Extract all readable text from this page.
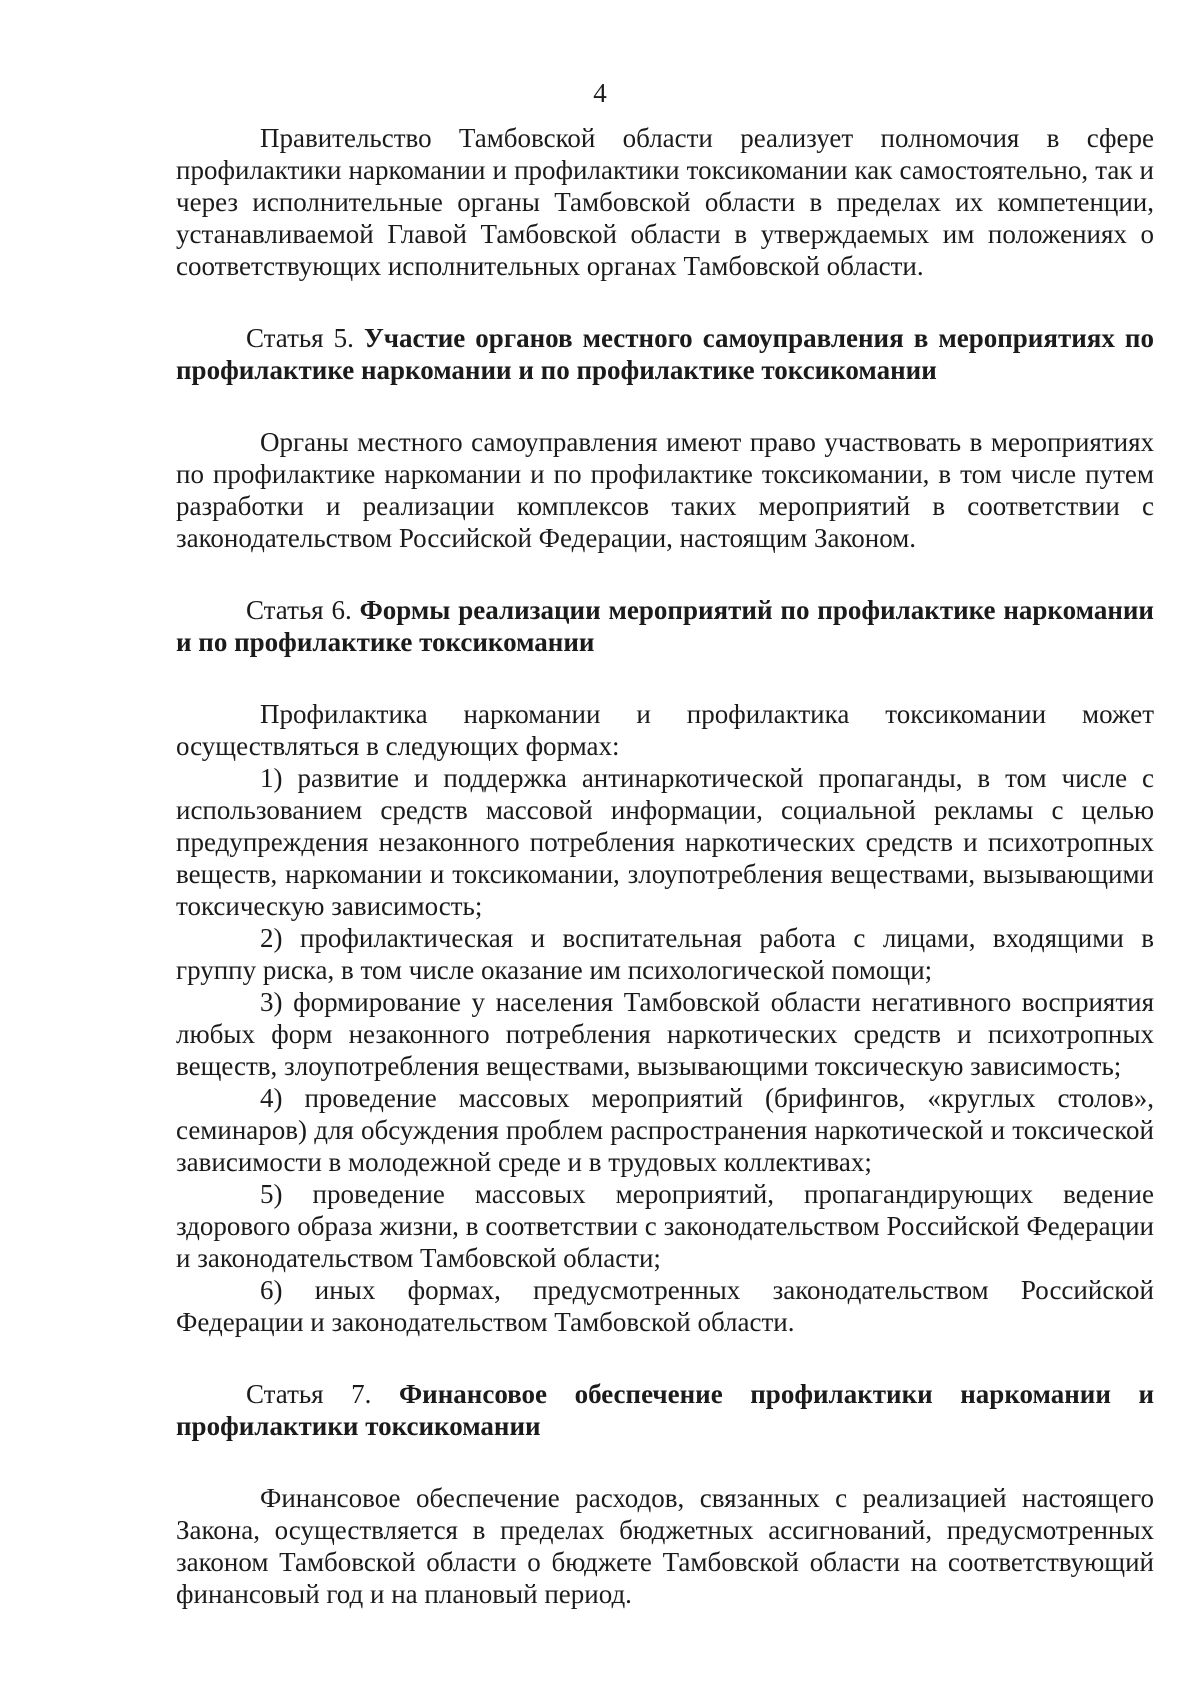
4

Правительство Тамбовской области реализует полномочия в сфере профилактики наркомании и профилактики токсикомании как самостоятельно, так и через исполнительные органы Тамбовской области в пределах их компетенции, устанавливаемой Главой Тамбовской области в утверждаемых им положениях о соответствующих исполнительных органах Тамбовской области.

Статья 5. Участие органов местного самоуправления в мероприятиях по профилактике наркомании и по профилактике токсикомании

Органы местного самоуправления имеют право участвовать в мероприятиях по профилактике наркомании и по профилактике токсикомании, в том числе путем разработки и реализации комплексов таких мероприятий в соответствии с законодательством Российской Федерации, настоящим Законом.

Статья 6. Формы реализации мероприятий по профилактике наркомании и по профилактике токсикомании

Профилактика наркомании и профилактика токсикомании может осуществляться в следующих формах:

1) развитие и поддержка антинаркотической пропаганды, в том числе с использованием средств массовой информации, социальной рекламы с целью предупреждения незаконного потребления наркотических средств и психотропных веществ, наркомании и токсикомании, злоупотребления веществами, вызывающими токсическую зависимость;

2) профилактическая и воспитательная работа с лицами, входящими в группу риска, в том числе оказание им психологической помощи;

3) формирование у населения Тамбовской области негативного восприятия любых форм незаконного потребления наркотических средств и психотропных веществ, злоупотребления веществами, вызывающими токсическую зависимость;

4) проведение массовых мероприятий (брифингов, «круглых столов», семинаров) для обсуждения проблем распространения наркотической и токсической зависимости в молодежной среде и в трудовых коллективах;

5) проведение массовых мероприятий, пропагандирующих ведение здорового образа жизни, в соответствии с законодательством Российской Федерации и законодательством Тамбовской области;

6) иных формах, предусмотренных законодательством Российской Федерации и законодательством Тамбовской области.

Статья 7. Финансовое обеспечение профилактики наркомании и профилактики токсикомании

Финансовое обеспечение расходов, связанных с реализацией настоящего Закона, осуществляется в пределах бюджетных ассигнований, предусмотренных законом Тамбовской области о бюджете Тамбовской области на соответствующий финансовый год и на плановый период.
